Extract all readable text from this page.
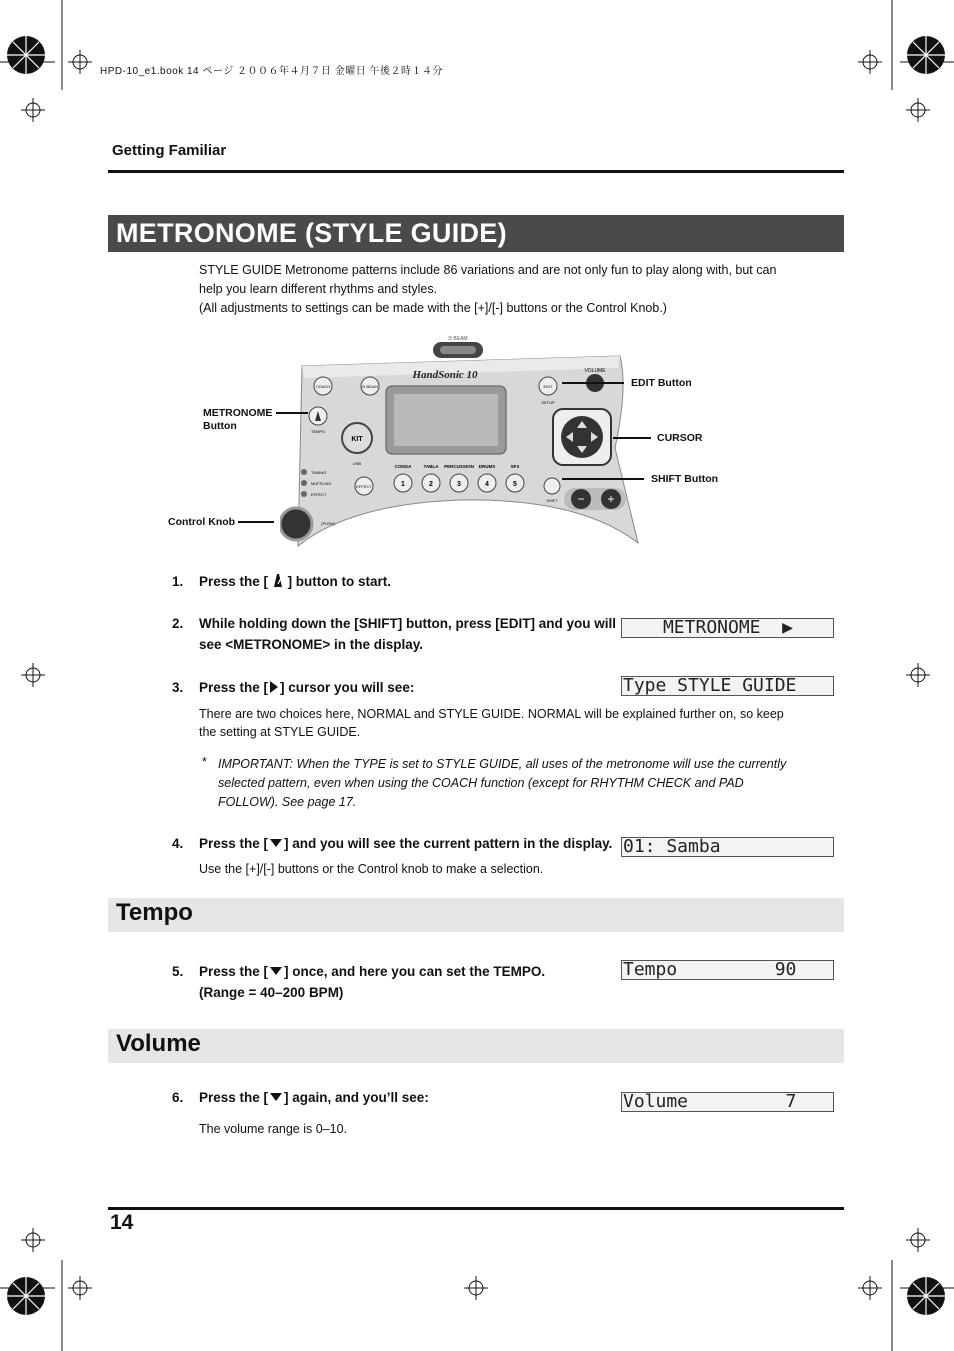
HPD-10_e1.book 14 ページ ２００６年４月７日 金曜日 午後２時１４分
Getting Familiar
METRONOME (STYLE GUIDE)
STYLE GUIDE Metronome patterns include 86 variations and are not only fun to play along with, but can
help you learn different rhythms and styles.
(All adjustments to settings can be made with the [+]/[-] buttons or the Control Knob.)
D BEAM
HandSonic 10
COACH	D BEAM	EDIT
SETUP
VOLUME
TEMPO
KIT
USB
TUNING
MUFFLING
EFFECT
EFFECT
(PUSH)
CONGA	TABLA PERCUSSION DRUMS	SFX
1	2	3	4	5
SHIFT − +
EDIT Button
CURSOR
SHIFT Button
METRONOME
Button
Control Knob
1. Press the [ ] button to start.
2. While holding down the [SHIFT] button, press [EDIT] and you will
see <METRONOME> in the display.
METRONOME  ▶
3. Press the [ ] cursor you will see:	Type STYLE GUIDE
There are two choices here, NORMAL and STYLE GUIDE. NORMAL will be explained further on, so keep
the setting at STYLE GUIDE.
* IMPORTANT: When the TYPE is set to STYLE GUIDE, all uses of the metronome will use the currently
selected pattern, even when using the COACH function (except for RHYTHM CHECK and PAD
FOLLOW). See page 17.
4. Press the [ ] and you will see the current pattern in the display. 01: Samba
Use the [+]/[-] buttons or the Control knob to make a selection.
Tempo
5. Press the [ ] once, and here you can set the TEMPO.
(Range = 40–200 BPM)
Tempo         90
Volume
6. Press the [ ] again, and you’ll see:	Volume         7
The volume range is 0–10.
14
